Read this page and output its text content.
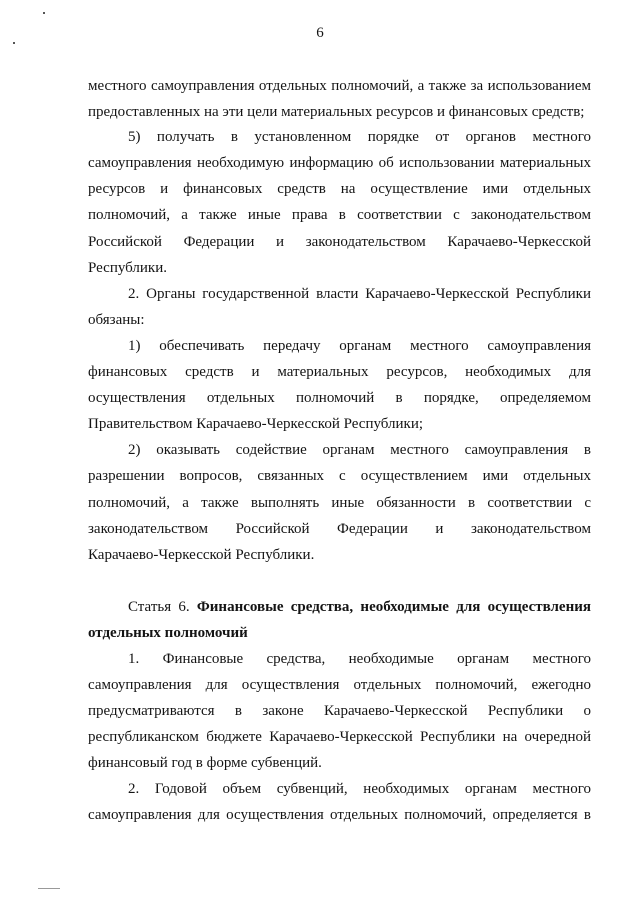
6
местного самоуправления отдельных полномочий, а также за использованием
предоставленных на эти цели материальных ресурсов и финансовых средств;
5) получать в установленном порядке от органов местного
самоуправления необходимую информацию об использовании материальных
ресурсов и финансовых средств на осуществление ими отдельных
полномочий, а также иные права в соответствии с законодательством
Российской Федерации и законодательством Карачаево-Черкесской
Республики.
2. Органы государственной власти Карачаево-Черкесской Республики
обязаны:
1) обеспечивать передачу органам местного самоуправления
финансовых средств и материальных ресурсов, необходимых для
осуществления отдельных полномочий в порядке, определяемом
Правительством Карачаево-Черкесской Республики;
2) оказывать содействие органам местного самоуправления в
разрешении вопросов, связанных с осуществлением ими отдельных
полномочий, а также выполнять иные обязанности в соответствии с
законодательством Российской Федерации и законодательством
Карачаево-Черкесской Республики.
Статья 6. Финансовые средства, необходимые для осуществления
отдельных полномочий
1. Финансовые средства, необходимые органам местного
самоуправления для осуществления отдельных полномочий, ежегодно
предусматриваются в законе Карачаево-Черкесской Республики о
республиканском бюджете Карачаево-Черкесской Республики на очередной
финансовый год в форме субвенций.
2. Годовой объем субвенций, необходимых органам местного
самоуправления для осуществления отдельных полномочий, определяется в
